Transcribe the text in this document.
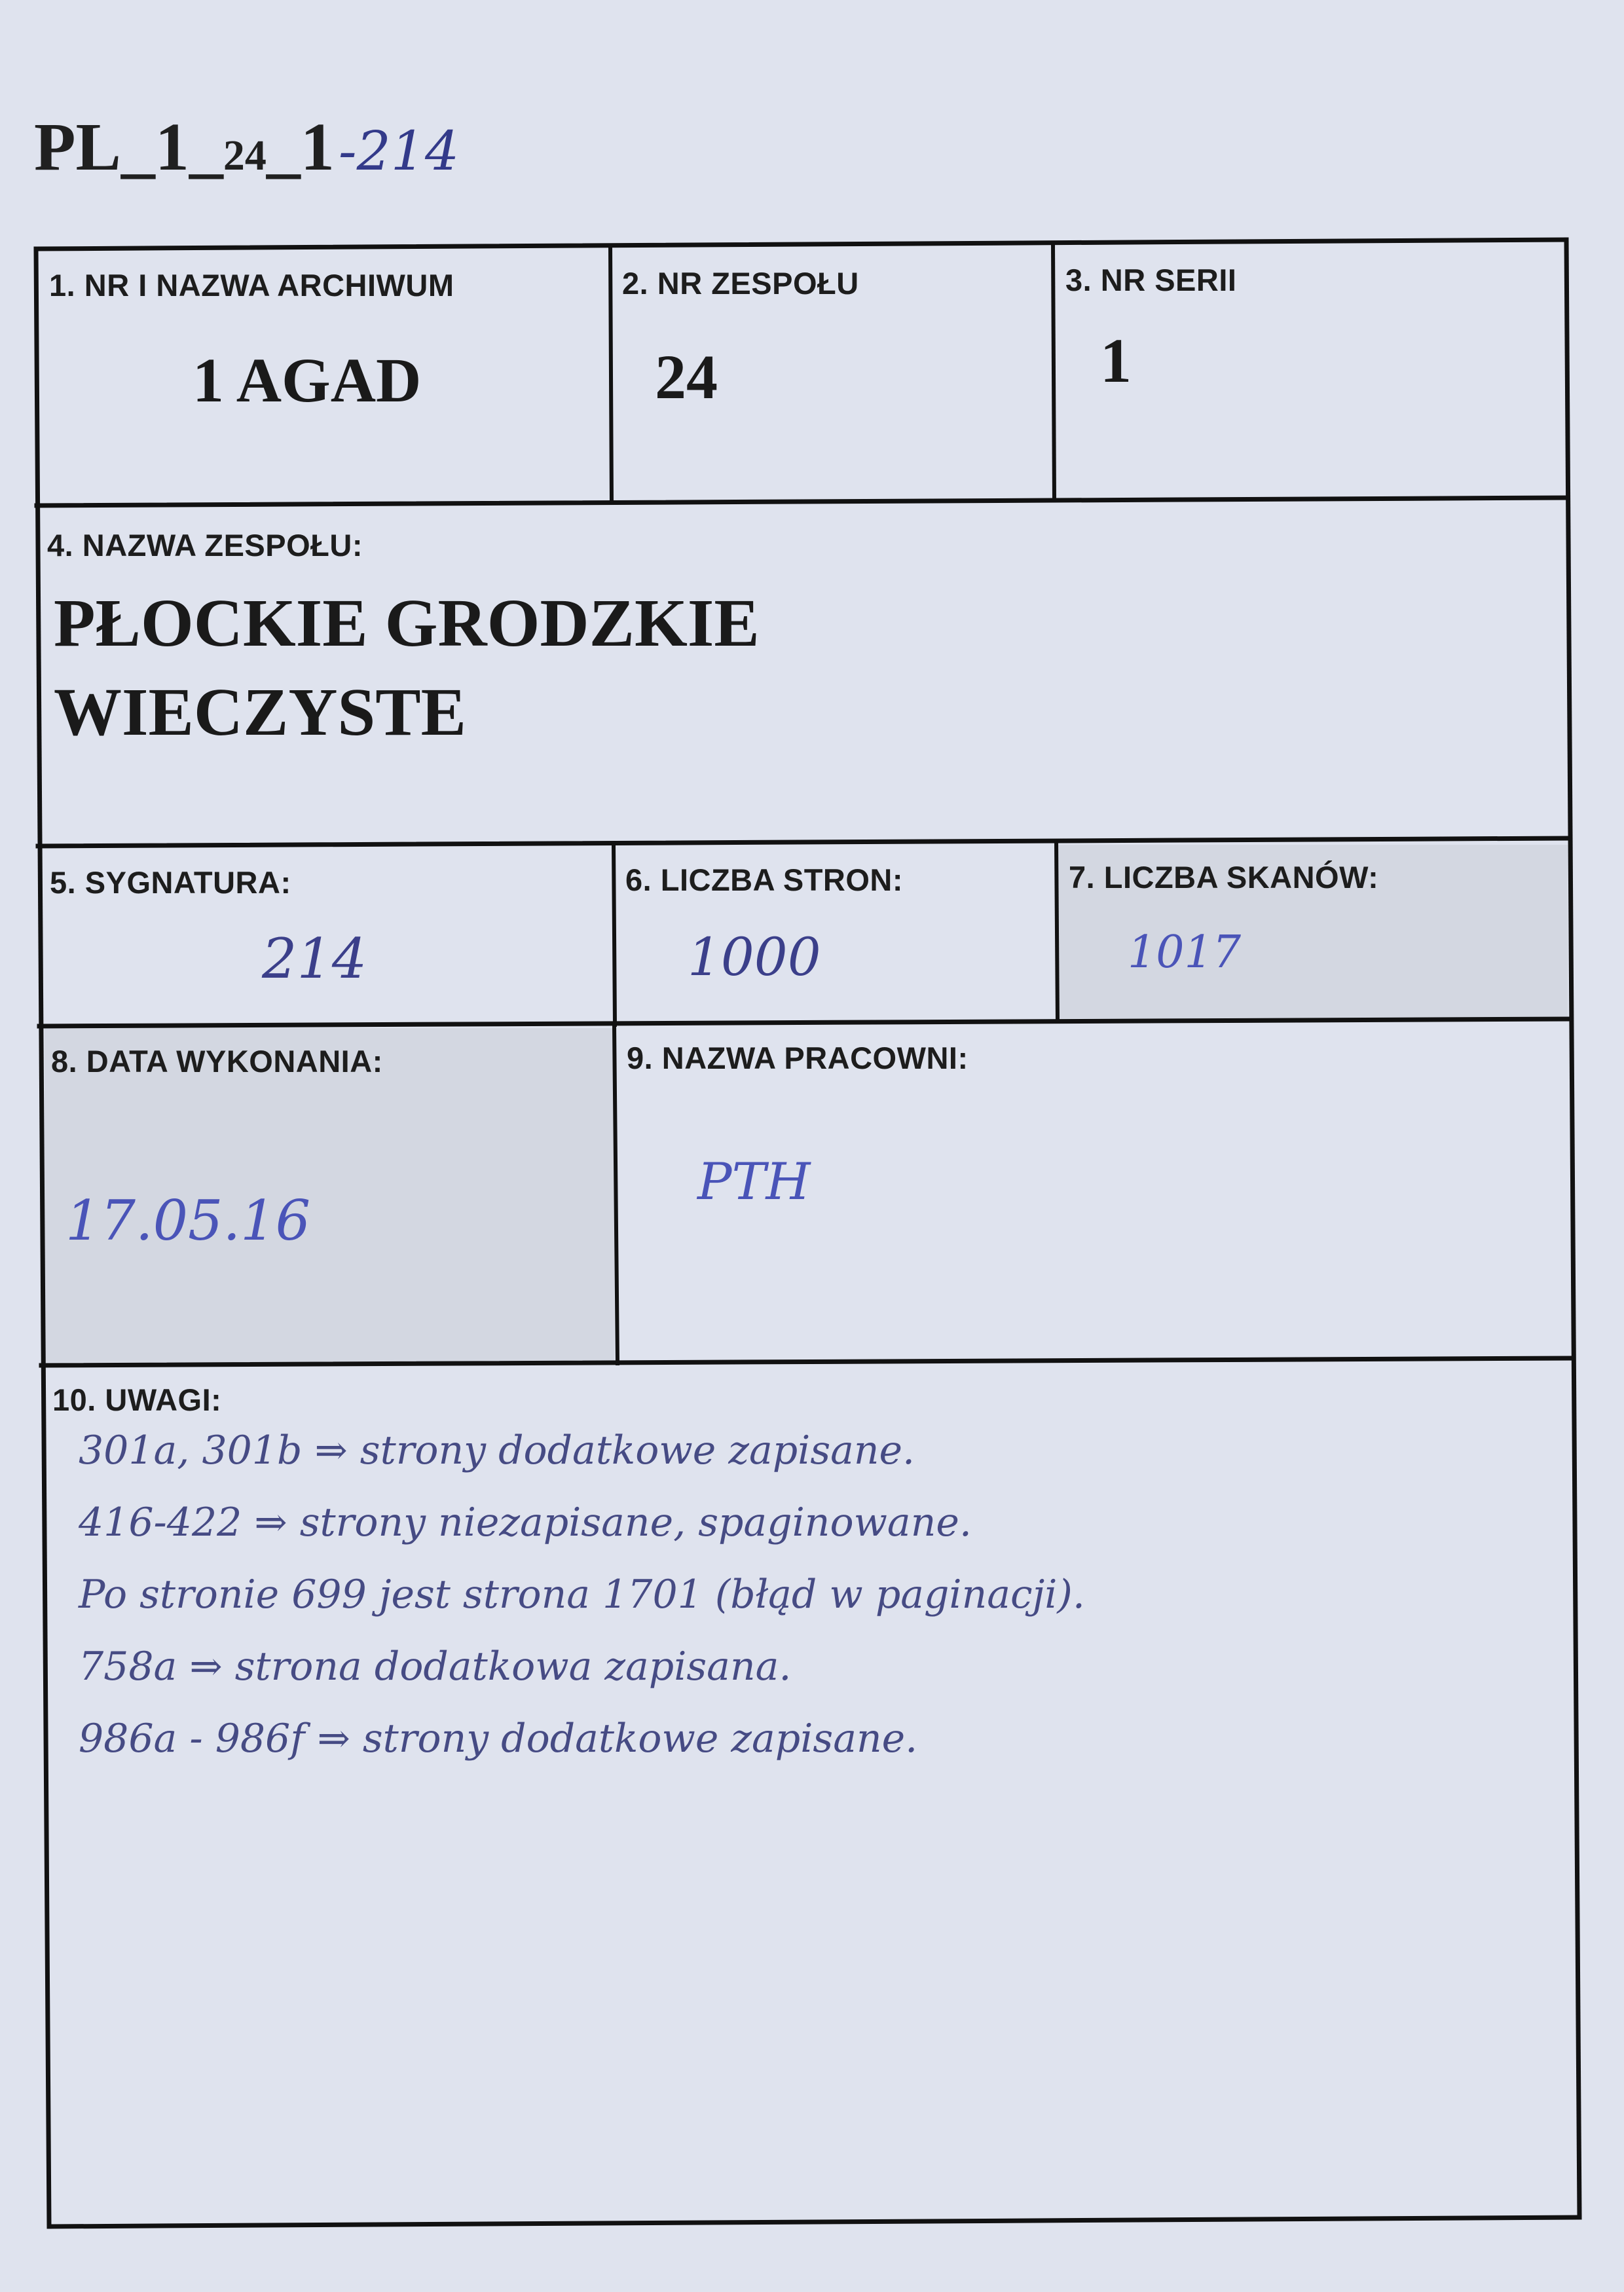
PL_1_ 24 _1 -214
1. NR I NAZWA ARCHIWUM
1 AGAD
2. NR ZESPOŁU
24
3. NR SERII
1
4. NAZWA ZESPOŁU:
PŁOCKIE GRODZKIE
WIECZYSTE
5. SYGNATURA:
214
6. LICZBA STRON:
1000
7. LICZBA SKANÓW:
1017
8. DATA WYKONANIA:
17.05.16
9. NAZWA PRACOWNI:
PTH
10. UWAGI:
301a, 301b ⇒ strony dodatkowe zapisane.
416-422 ⇒ strony niezapisane, spaginowane.
Po stronie 699 jest strona 1701 (błąd w paginacji).
758a ⇒ strona dodatkowa zapisana.
986a - 986f ⇒ strony dodatkowe zapisane.
